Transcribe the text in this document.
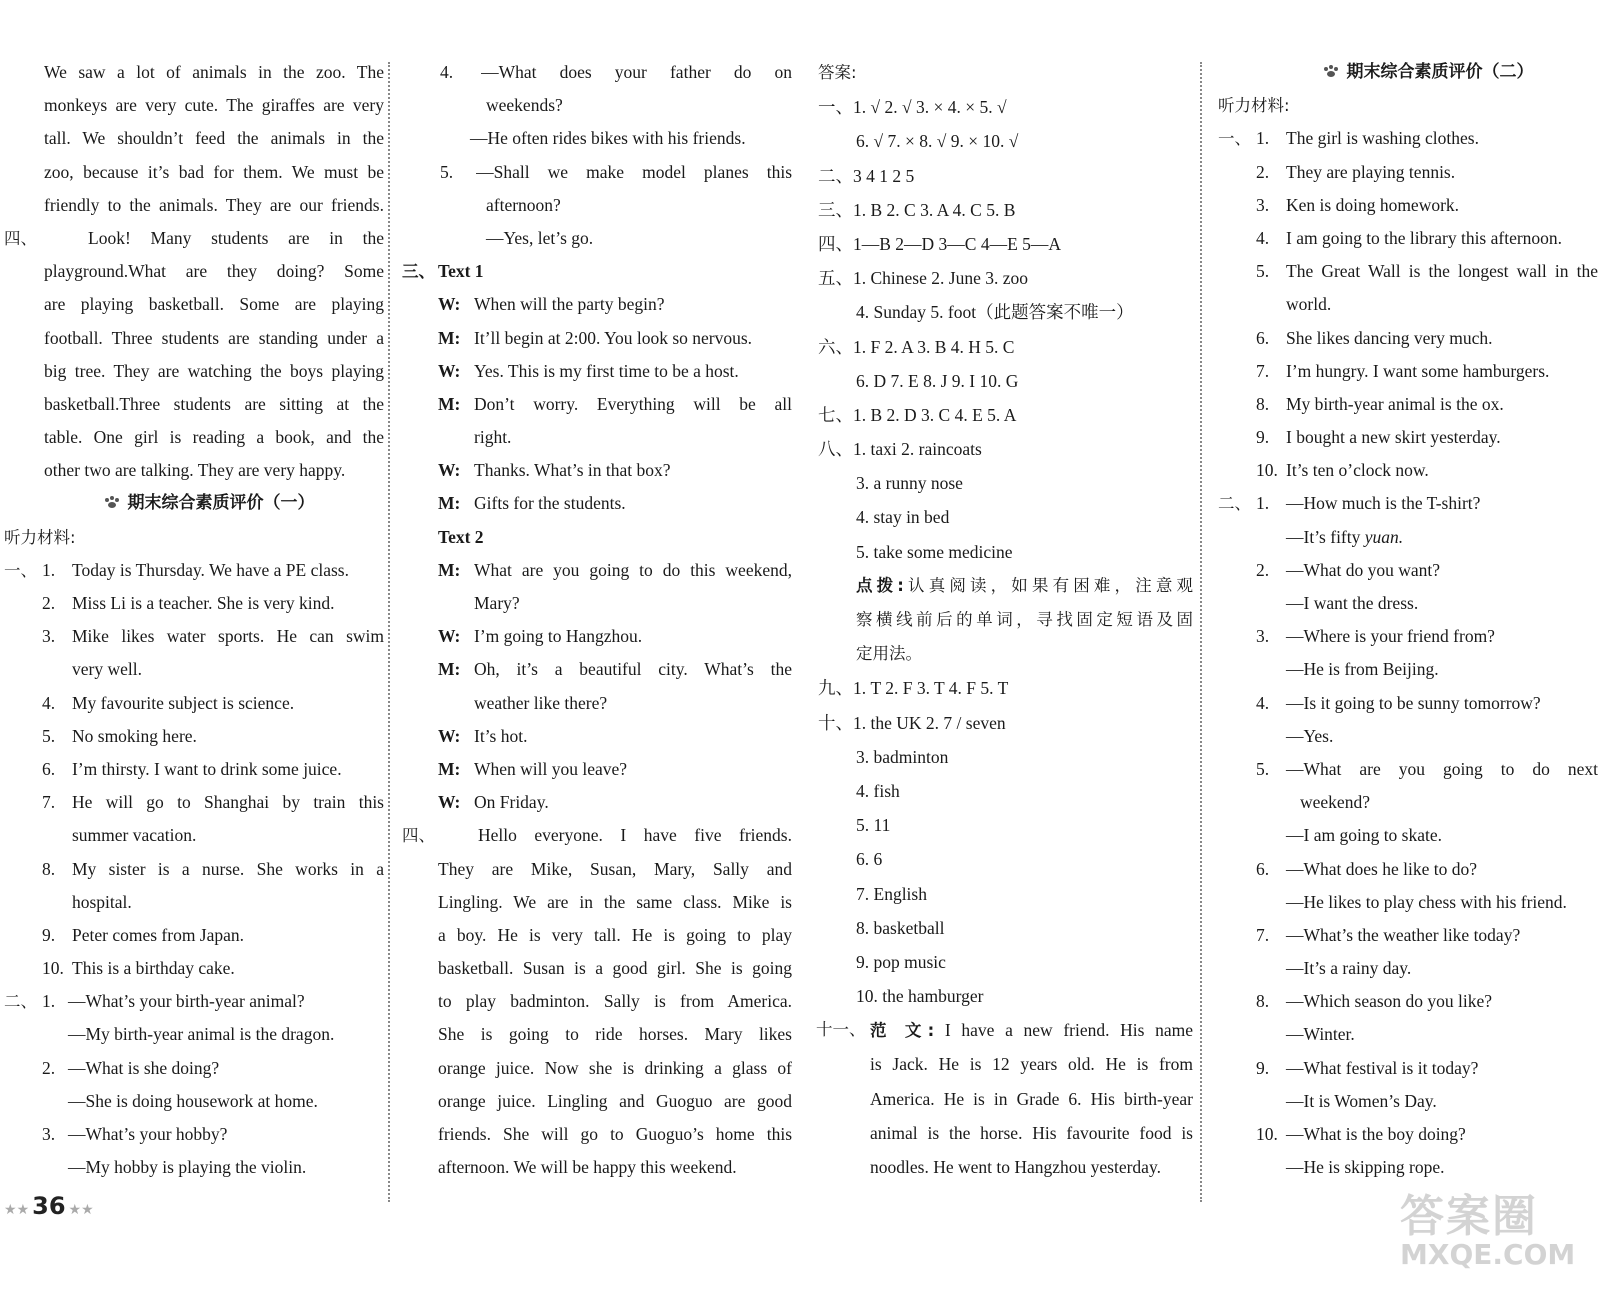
We saw a lot of animals in the zoo. The
monkeys are very cute. The giraffes are very
tall. We shouldn’t feed the animals in the
zoo, because it’s bad for them. We must be
friendly to the animals. They are our friends.
四、	Look! Many students are in the
playground.What are they doing? Some
are playing basketball. Some are playing
football. Three students are standing under a
big tree. They are watching the boys playing
basketball.Three students are sitting at the
table. One girl is reading a book, and the
other two are talking. They are very happy.
期末综合素质评价（一）
听力材料:
一、 1. Today is Thursday. We have a PE class.
2. Miss Li is a teacher. She is very kind.
3. Mike likes water sports. He can swim
very well.
4. My favourite subject is science.
5. No smoking here.
6. I’m thirsty. I want to drink some juice.
7. He will go to Shanghai by train this
summer vacation.
8. My sister is a nurse. She works in a
hospital.
9. Peter comes from Japan.
10. This is a birthday cake.
二、 1. —What’s your birth-year animal?
—My birth-year animal is the dragon.
2. —What is she doing?
—She is doing housework at home.
3. —What’s your hobby?
—My hobby is playing the violin.
4. —What does your father do on
weekends?
—He often rides bikes with his friends.
5. —Shall we make model planes this
afternoon?
—Yes, let’s go.
三、 Text 1
W: When will the party begin?
M: It’ll begin at 2:00. You look so nervous.
W: Yes. This is my first time to be a host.
M: Don’t worry. Everything will be all
right.
W: Thanks. What’s in that box?
M: Gifts for the students.
Text 2
M: What are you going to do this weekend,
Mary?
W: I’m going to Hangzhou.
M: Oh, it’s a beautiful city. What’s the
weather like there?
W: It’s hot.
M: When will you leave?
W: On Friday.
四、	Hello everyone. I have five friends.
They are Mike, Susan, Mary, Sally and
Lingling. We are in the same class. Mike is
a boy. He is very tall. He is going to play
basketball. Susan is a good girl. She is going
to play badminton. Sally is from America.
She is going to ride horses. Mary likes
orange juice. Now she is drinking a glass of
orange juice. Lingling and Guoguo are good
friends. She will go to Guoguo’s home this
afternoon. We will be happy this weekend.
答案:
一、1. √ 2. √ 3. × 4. × 5. √
6. √ 7. × 8. √ 9. × 10. √
二、3 4 1 2 5
三、1. B 2. C 3. A 4. C 5. B
四、1—B 2—D 3—C 4—E 5—A
五、1. Chinese 2. June 3. zoo
4. Sunday 5. foot（此题答案不唯一）
六、1. F 2. A 3. B 4. H 5. C
6. D 7. E 8. J 9. I 10. G
七、1. B 2. D 3. C 4. E 5. A
八、1. taxi 2. raincoats
3. a runny nose
4. stay in bed
5. take some medicine
点拨:认真阅读，如果有困难，注意观
察横线前后的单词，寻找固定短语及固
定用法。
九、1. T 2. F 3. T 4. F 5. T
十、1. the UK 2. 7 / seven
3. badminton
4. fish
5. 11
6. 6
7. English
8. basketball
9. pop music
10. the hamburger
十一、 范 文: I have a new friend. His name
is Jack. He is 12 years old. He is from
America. He is in Grade 6. His birth-year
animal is the horse. His favourite food is
noodles. He went to Hangzhou yesterday.
期末综合素质评价（二）
听力材料:
一、 1. The girl is washing clothes.
2. They are playing tennis.
3. Ken is doing homework.
4. I am going to the library this afternoon.
5. The Great Wall is the longest wall in the
world.
6. She likes dancing very much.
7. I’m hungry. I want some hamburgers.
8. My birth-year animal is the ox.
9. I bought a new skirt yesterday.
10. It’s ten o’clock now.
二、 1. —How much is the T-shirt?
—It’s fifty yuan.
2. —What do you want?
—I want the dress.
3. —Where is your friend from?
—He is from Beijing.
4. —Is it going to be sunny tomorrow?
—Yes.
5. —What are you going to do next
weekend?
—I am going to skate.
6. —What does he like to do?
—He likes to play chess with his friend.
7. —What’s the weather like today?
—It’s a rainy day.
8. —Which season do you like?
—Winter.
9. —What festival is it today?
—It is Women’s Day.
10. —What is the boy doing?
—He is skipping rope.
★★ 36 ★★	答案圈
MXQE.COM
